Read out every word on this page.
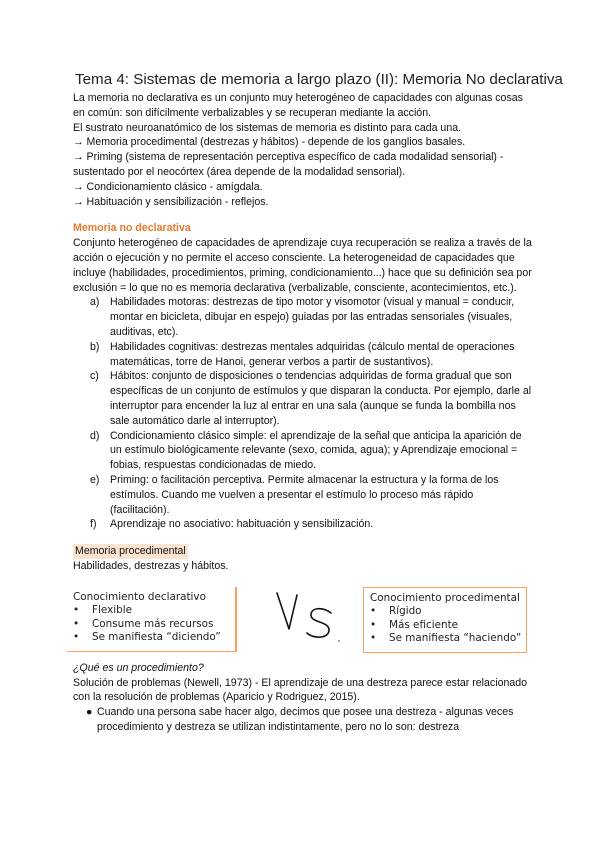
Tema 4: Sistemas de memoria a largo plazo (II): Memoria No declarativa

La memoria no declarativa es un conjunto muy heterogéneo de capacidades con algunas cosas en común: son difícilmente verbalizables y se recuperan mediante la acción.

El sustrato neuroanatómico de los sistemas de memoria es distinto para cada una.

→ Memoria procedimental (destrezas y hábitos) - depende de los ganglios basales.

→ Priming (sistema de representación perceptiva específico de cada modalidad sensorial) - sustentado por el neocórtex (área depende de la modalidad sensorial).

→ Condicionamiento clásico - amígdala.

→ Habituación y sensibilización - reflejos.

Memoria no declarativa

Conjunto heterogéneo de capacidades de aprendizaje cuya recuperación se realiza a través de la acción o ejecución y no permite el acceso consciente. La heterogeneidad de capacidades que incluye (habilidades, procedimientos, priming, condicionamiento...) hace que su definición sea por exclusión = lo que no es memoria declarativa (verbalizable, consciente, acontecimientos, etc.).

a) Habilidades motoras: destrezas de tipo motor y visomotor (visual y manual = conducir, montar en bicicleta, dibujar en espejo) guiadas por las entradas sensoriales (visuales, auditivas, etc).
b) Habilidades cognitivas: destrezas mentales adquiridas (cálculo mental de operaciones matemáticas, torre de Hanoi, generar verbos a partir de sustantivos).
c) Hábitos: conjunto de disposiciones o tendencias adquiridas de forma gradual que son específicas de un conjunto de estímulos y que disparan la conducta. Por ejemplo, darle al interruptor para encender la luz al entrar en una sala (aunque se funda la bombilla nos sale automático darle al interruptor).
d) Condicionamiento clásico simple: el aprendizaje de la señal que anticipa la aparición de un estímulo biológicamente relevante (sexo, comida, agua); y Aprendizaje emocional = fobias, respuestas condicionadas de miedo.
e) Priming: o facilitación perceptiva. Permite almacenar la estructura y la forma de los estímulos. Cuando me vuelven a presentar el estímulo lo proceso más rápido (facilitación).
f) Aprendizaje no asociativo: habituación y sensibilización.
Memoria procedimental

Habilidades, destrezas y hábitos.

Conocimiento declarativo
• Flexible
• Consume más recursos
• Se manifiesta “diciendo”
Conocimiento procedimental
• Rígido
• Más eficiente
• Se manifiesta “haciendo”

¿Qué es un procedimiento?

Solución de problemas (Newell, 1973) - El aprendizaje de una destreza parece estar relacionado con la resolución de problemas (Aparicio y Rodriguez, 2015).

● Cuando una persona sabe hacer algo, decimos que posee una destreza - algunas veces procedimiento y destreza se utilizan indistintamente, pero no lo son: destreza
